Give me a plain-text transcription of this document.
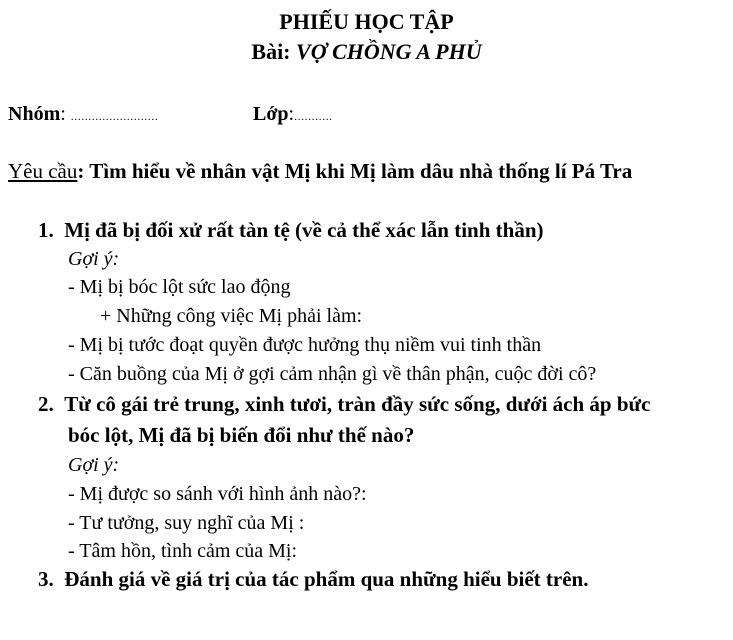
PHIẾU HỌC TẬP
Bài: VỢ CHỒNG A PHỦ
Nhóm: .........................	Lớp:...........
Yêu cầu: Tìm hiểu về nhân vật Mị khi Mị làm dâu nhà thống lí Pá Tra
1. Mị đã bị đối xử rất tàn tệ (về cả thể xác lẫn tinh thần)
Gợi ý:
- Mị bị bóc lột sức lao động
+ Những công việc Mị phải làm:
- Mị bị tước đoạt quyền được hưởng thụ niềm vui tinh thần
- Căn buồng của Mị ở gợi cảm nhận gì về thân phận, cuộc đời cô?
2. Từ cô gái trẻ trung, xinh tươi, tràn đầy sức sống, dưới ách áp bức
bóc lột, Mị đã bị biến đổi như thế nào?
Gợi ý:
- Mị được so sánh với hình ảnh nào?:
- Tư tưởng, suy nghĩ của Mị :
- Tâm hồn, tình cảm của Mị:
3. Đánh giá về giá trị của tác phẩm qua những hiểu biết trên.
